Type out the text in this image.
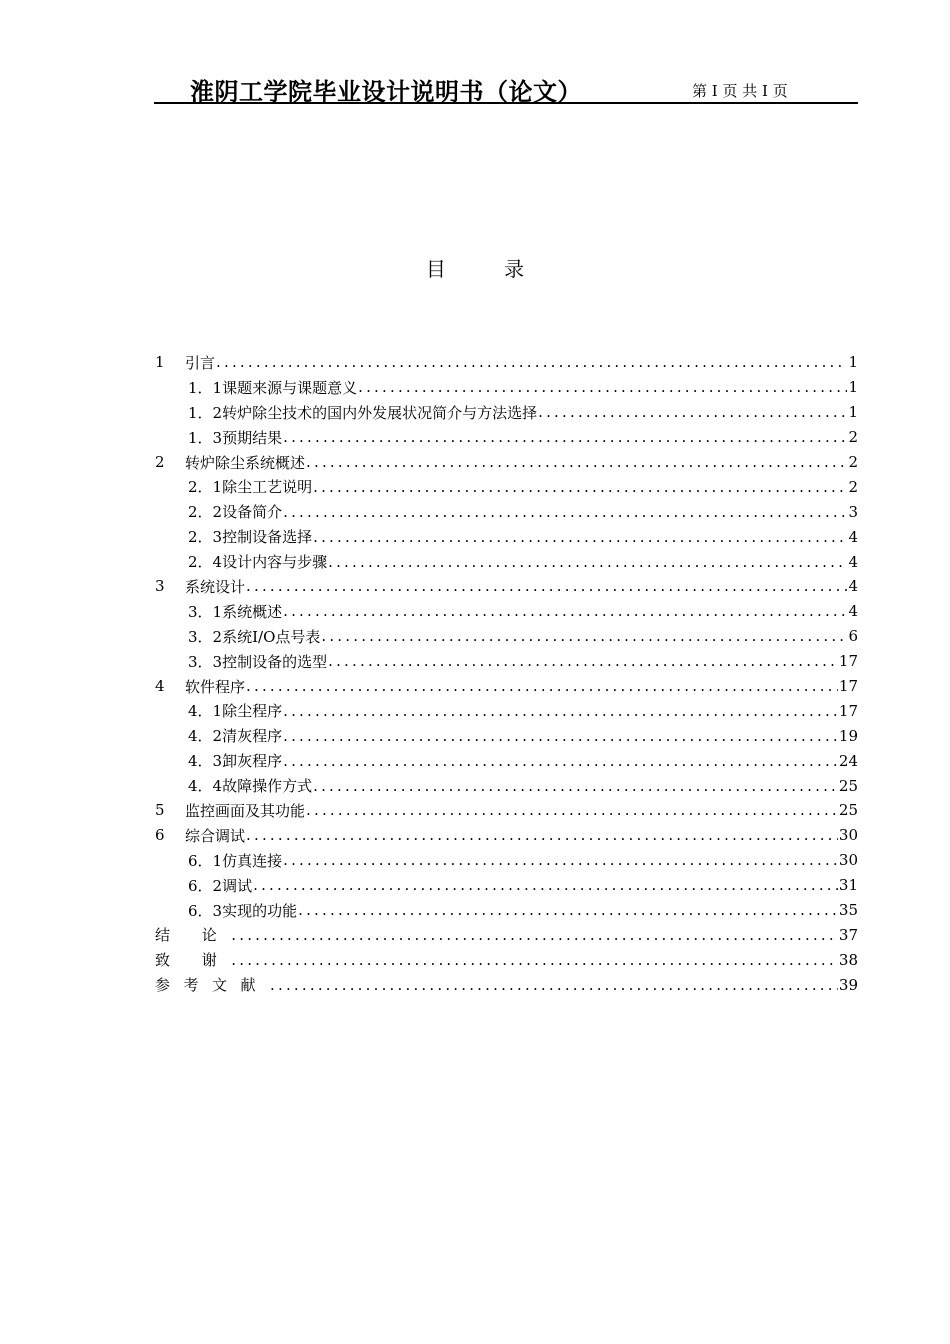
淮阴工学院毕业设计说明书（论文）	第 I 页 共 I 页
目 录
1	引言 .....	1
1．1 课题来源与课题意义 .....	1
1．2 转炉除尘技术的国内外发展状况简介与方法选择 .....	1
1．3 预期结果 .....	2
2	转炉除尘系统概述 .....	2
2．1 除尘工艺说明 .....	2
2．2 设备简介 .....	3
2．3 控制设备选择 .....	4
2．4 设计内容与步骤 .....	4
3	系统设计 .....	4
3．1 系统概述 .....	4
3．2 系统I/O点号表 .....	6
3．3 控制设备的选型 .....	17
4	软件程序 .....	17
4．1 除尘程序 .....	17
4．2 清灰程序 .....	19
4．3 卸灰程序 .....	24
4．4 故障操作方式 .....	25
5	监控画面及其功能 .....	25
6	综合调试 .....	30
6．1 仿真连接 .....	30
6．2 调试 .....	31
6．3 实现的功能 .....	35
结 论 .....	37
致 谢 .....	38
参考文献 .....	39
